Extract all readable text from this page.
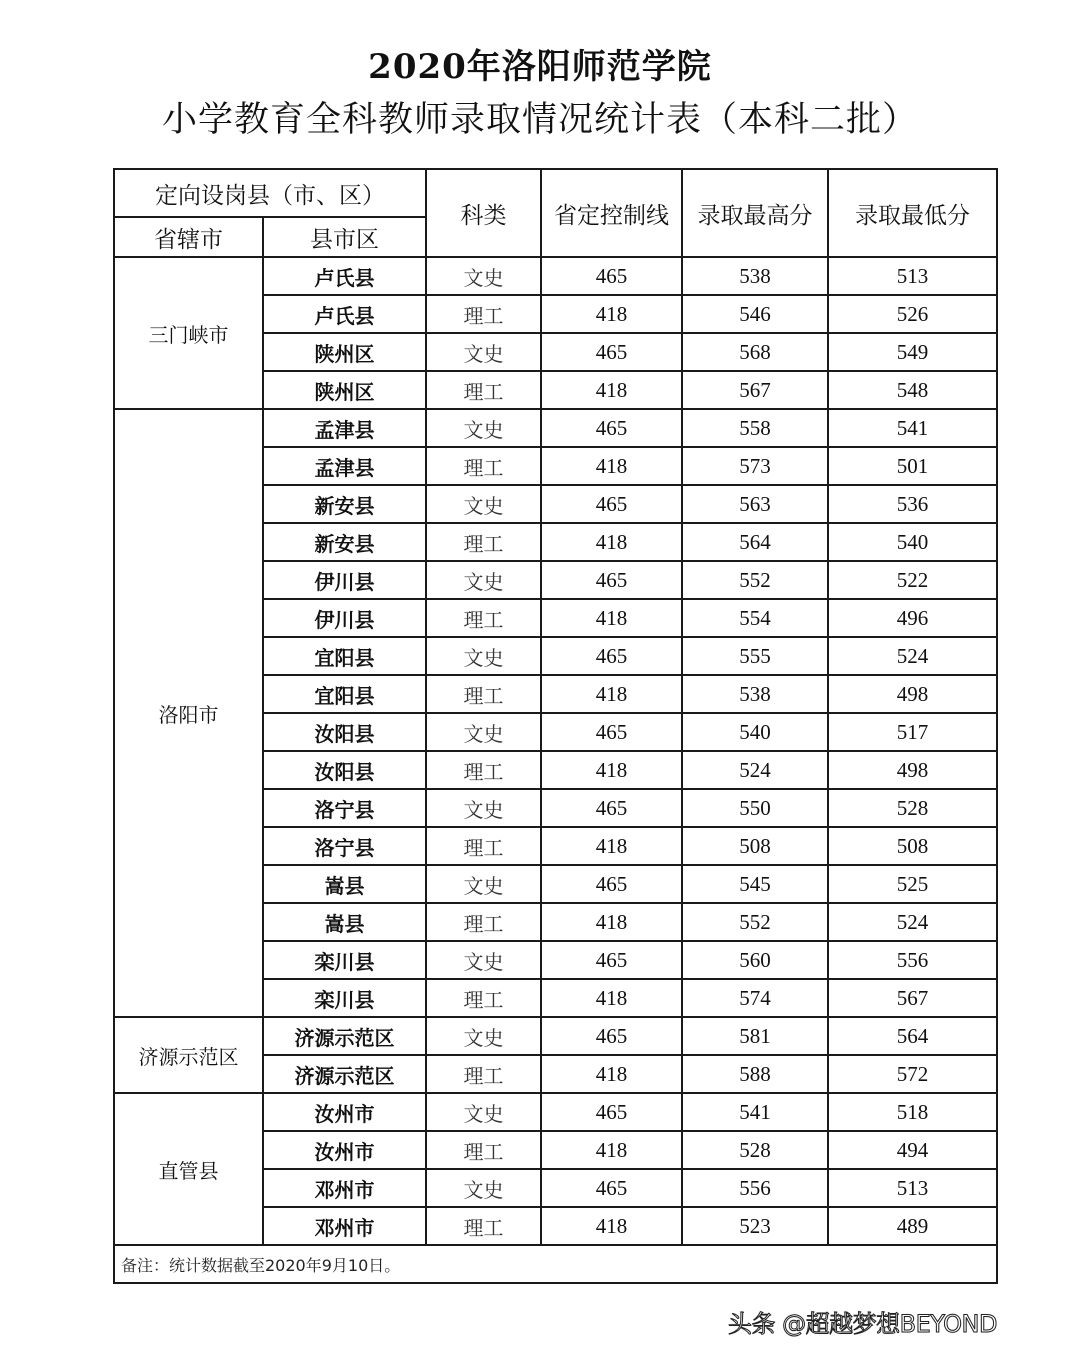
2020年洛阳师范学院
小学教育全科教师录取情况统计表（本科二批）
定向设岗县（市、区）		科类	省定控制线	录取最高分	录取最低分
省辖市	县市区				
三门峡市	卢氏县	文史	465	538	513
	卢氏县	理工	418	546	526
	陕州区	文史	465	568	549
	陕州区	理工	418	567	548
洛阳市	孟津县	文史	465	558	541
	孟津县	理工	418	573	501
	新安县	文史	465	563	536
	新安县	理工	418	564	540
	伊川县	文史	465	552	522
	伊川县	理工	418	554	496
	宜阳县	文史	465	555	524
	宜阳县	理工	418	538	498
	汝阳县	文史	465	540	517
	汝阳县	理工	418	524	498
	洛宁县	文史	465	550	528
	洛宁县	理工	418	508	508
	嵩县	文史	465	545	525
	嵩县	理工	418	552	524
	栾川县	文史	465	560	556
	栾川县	理工	418	574	567
济源示范区	济源示范区	文史	465	581	564
	济源示范区	理工	418	588	572
直管县	汝州市	文史	465	541	518
	汝州市	理工	418	528	494
	邓州市	文史	465	556	513
	邓州市	理工	418	523	489
备注：统计数据截至2020年9月10日。					
头条 @超越梦想BEYOND
